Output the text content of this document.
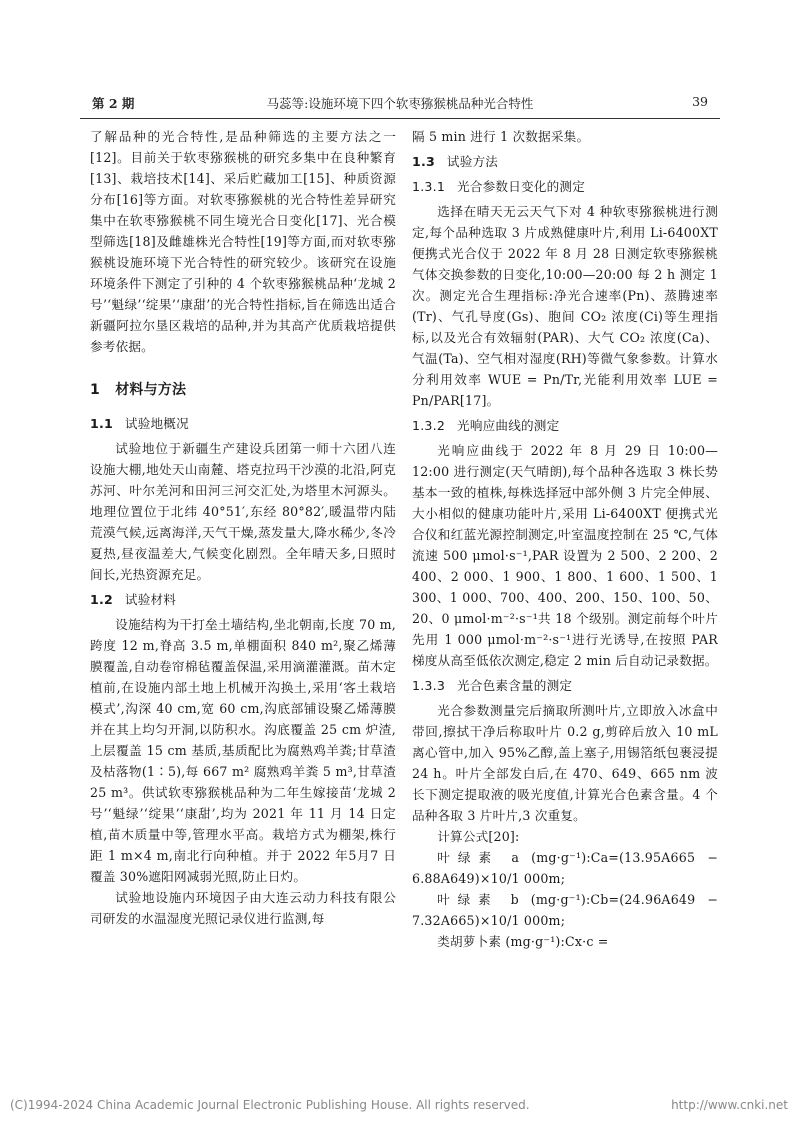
第 2 期	马蕊等:设施环境下四个软枣猕猴桃品种光合特性	39

了解品种的光合特性,是品种筛选的主要方法之一[12]。目前关于软枣猕猴桃的研究多集中在良种繁育[13]、栽培技术[14]、采后贮藏加工[15]、种质资源分布[16]等方面。对软枣猕猴桃的光合特性差异研究集中在软枣猕猴桃不同生境光合日变化[17]、光合模型筛选[18]及雌雄株光合特性[19]等方面,而对软枣猕猴桃设施环境下光合特性的研究较少。该研究在设施环境条件下测定了引种的 4 个软枣猕猴桃品种‘龙城 2 号’‘魁绿’‘绽果’‘康甜’的光合特性指标,旨在筛选出适合新疆阿拉尔垦区栽培的品种,并为其高产优质栽培提供参考依据。

1 材料与方法
1.1 试验地概况

试验地位于新疆生产建设兵团第一师十六团八连设施大棚,地处天山南麓、塔克拉玛干沙漠的北沿,阿克苏河、叶尔羌河和田河三河交汇处,为塔里木河源头。地理位置位于北纬 40°51′,东经 80°82′,暖温带内陆荒漠气候,远离海洋,天气干燥,蒸发量大,降水稀少,冬冷夏热,昼夜温差大,气候变化剧烈。全年晴天多,日照时间长,光热资源充足。

1.2 试验材料

设施结构为干打垒土墙结构,坐北朝南,长度 70 m,跨度 12 m,脊高 3.5 m,单棚面积 840 m²,聚乙烯薄膜覆盖,自动卷帘棉毡覆盖保温,采用滴灌灌溉。苗木定植前,在设施内部土地上机械开沟换土,采用‘客土栽培模式’,沟深 40 cm,宽 60 cm,沟底部铺设聚乙烯薄膜并在其上均匀开洞,以防积水。沟底覆盖 25 cm 炉渣,上层覆盖 15 cm 基质,基质配比为腐熟鸡羊粪;甘草渣及枯落物(1∶5),每 667 m² 腐熟鸡羊粪 5 m³,甘草渣 25 m³。供试软枣猕猴桃品种为二年生嫁接苗‘龙城 2 号’‘魁绿’‘绽果’‘康甜’,均为 2021 年 11 月 14 日定植,苗木质量中等,管理水平高。栽培方式为棚架,株行距 1 m×4 m,南北行向种植。并于 2022 年5月7 日覆盖 30%遮阳网减弱光照,防止日灼。

试验地设施内环境因子由大连云动力科技有限公司研发的水温湿度光照记录仪进行监测,每

隔 5 min 进行 1 次数据采集。

1.3 试验方法
1.3.1 光合参数日变化的测定

选择在晴天无云天气下对 4 种软枣猕猴桃进行测定,每个品种选取 3 片成熟健康叶片,利用 Li-6400XT 便携式光合仪于 2022 年 8 月 28 日测定软枣猕猴桃气体交换参数的日变化,10:00—20:00 每 2 h 测定 1 次。测定光合生理指标:净光合速率(Pn)、蒸腾速率(Tr)、气孔导度(Gs)、胞间 CO₂ 浓度(Ci)等生理指标,以及光合有效辐射(PAR)、大气 CO₂ 浓度(Ca)、气温(Ta)、空气相对湿度(RH)等微气象参数。计算水分利用效率 WUE = Pn/Tr,光能利用效率 LUE = Pn/PAR[17]。

1.3.2 光响应曲线的测定

光响应曲线于 2022 年 8 月 29 日 10:00—12:00 进行测定(天气晴朗),每个品种各选取 3 株长势基本一致的植株,每株选择冠中部外侧 3 片完全伸展、大小相似的健康功能叶片,采用 Li-6400XT 便携式光合仪和红蓝光源控制测定,叶室温度控制在 25 ℃,气体流速 500 μmol·s⁻¹,PAR 设置为 2 500、2 200、2 400、2 000、1 900、1 800、1 600、1 500、1 300、1 000、700、400、200、150、100、50、20、0 μmol·m⁻²·s⁻¹共 18 个级别。测定前每个叶片先用 1 000 μmol·m⁻²·s⁻¹进行光诱导,在按照 PAR 梯度从高至低依次测定,稳定 2 min 后自动记录数据。

1.3.3 光合色素含量的测定

光合参数测量完后摘取所测叶片,立即放入冰盒中带回,擦拭干净后称取叶片 0.2 g,剪碎后放入 10 mL 离心管中,加入 95%乙醇,盖上塞子,用锡箔纸包裹浸提 24 h。叶片全部发白后,在 470、649、665 nm 波长下测定提取液的吸光度值,计算光合色素含量。4 个品种各取 3 片叶片,3 次重复。

计算公式[20]:

叶绿素 a (mg·g⁻¹):Ca=(13.95A665 − 6.88A649)×10/1 000m;

叶绿素 b (mg·g⁻¹):Cb=(24.96A649 − 7.32A665)×10/1 000m;

类胡萝卜素 (mg·g⁻¹):Cx·c =

(C)1994-2024 China Academic Journal Electronic Publishing House. All rights reserved.	http://www.cnki.net
